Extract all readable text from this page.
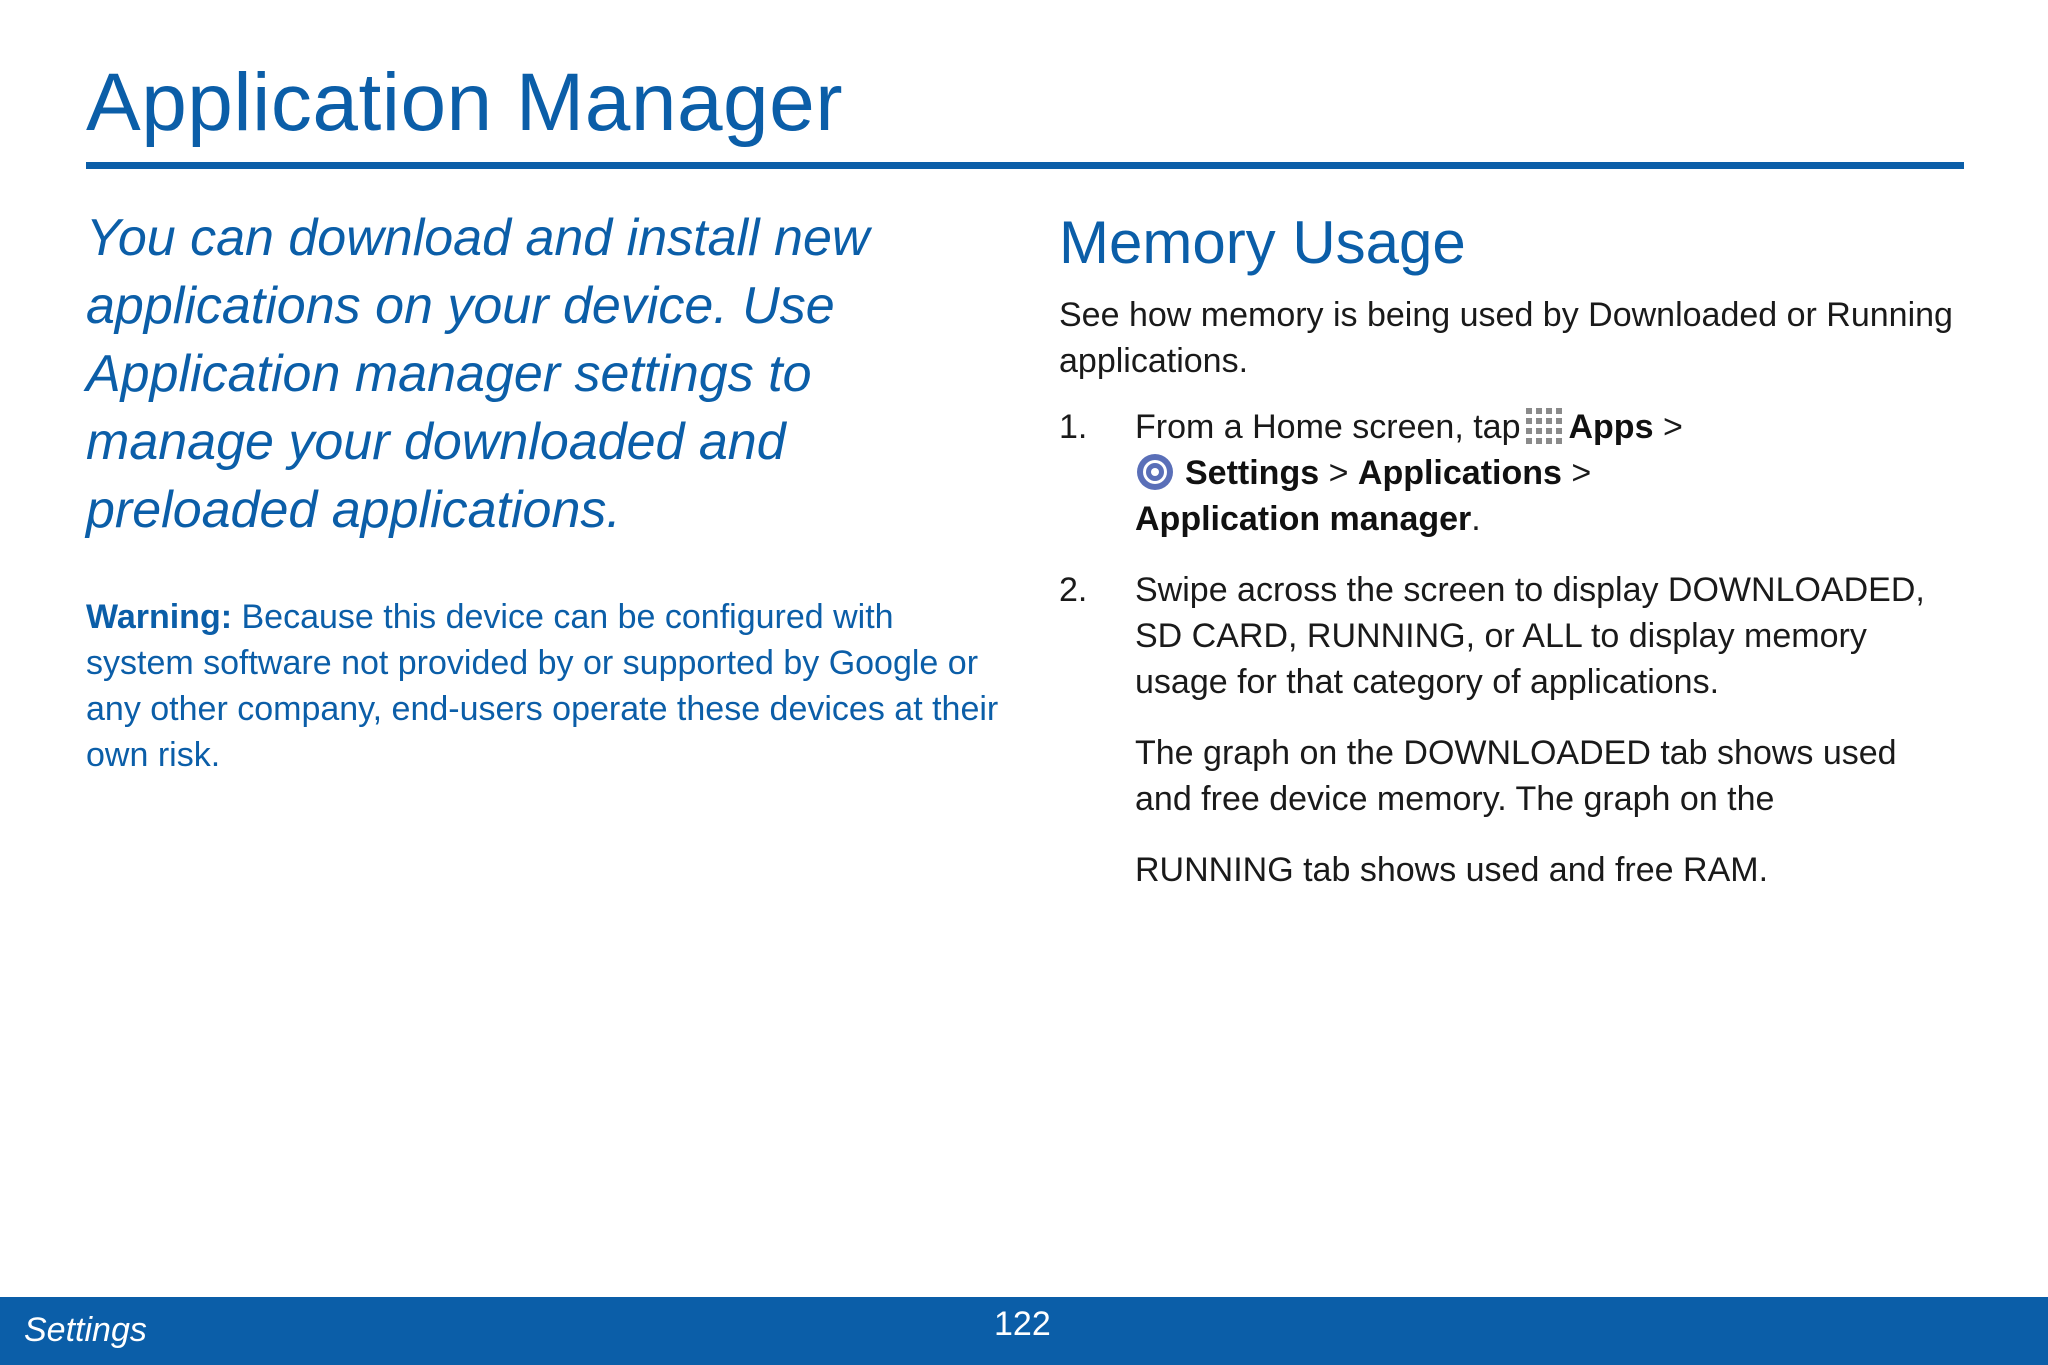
Application Manager

You can download and install new applications on your device. Use Application manager settings to manage your downloaded and preloaded applications.

Warning: Because this device can be configured with system software not provided by or supported by Google or any other company, end-users operate these devices at their own risk.

Memory Usage

See how memory is being used by Downloaded or Running applications.

1. From a Home screen, tap Apps >
Settings > Applications >
Application manager.

2. Swipe across the screen to display DOWNLOADED, SD CARD, RUNNING, or ALL to display memory usage for that category of applications.

The graph on the DOWNLOADED tab shows used and free device memory. The graph on the

RUNNING tab shows used and free RAM.

Settings	122
